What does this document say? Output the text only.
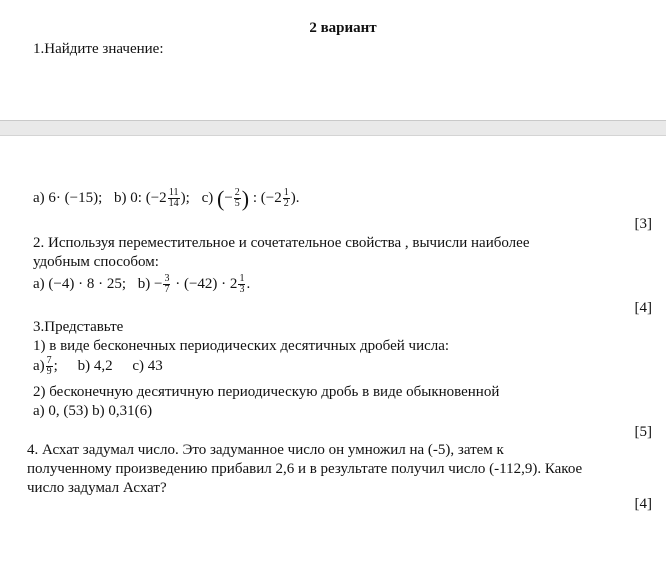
2 вариант
1.Найдите значение:
а) 6· (−15); b) 0: ($-2 \frac{11}{14}$ ); c) (− $\frac{2}{5}$ ) : ($-2 \frac{1}{2}$ ).
[3]
2. Используя переместительное и сочетательное свойства , вычисли наиболее
удобным способом:
а) (−4) · 8 · 25; $b) - \frac{3}{7} \cdot (-42) \cdot 2 \frac{1}{3}$ .
[4]
3.Представьте
1) в виде бесконечных периодических десятичных дробей числа:
$а) \frac{7}{9}$ ; b) 4,2 c) 43
2) бесконечную десятичную периодическую дробь в виде обыкновенной
а) 0, (53) b) 0,31(6)
[5]
4. Асхат задумал число. Это задуманное число он умножил на (-5), затем к
полученному произведению прибавил 2,6 и в результате получил число (-112,9). Какое
число задумал Асхат?
[4]
